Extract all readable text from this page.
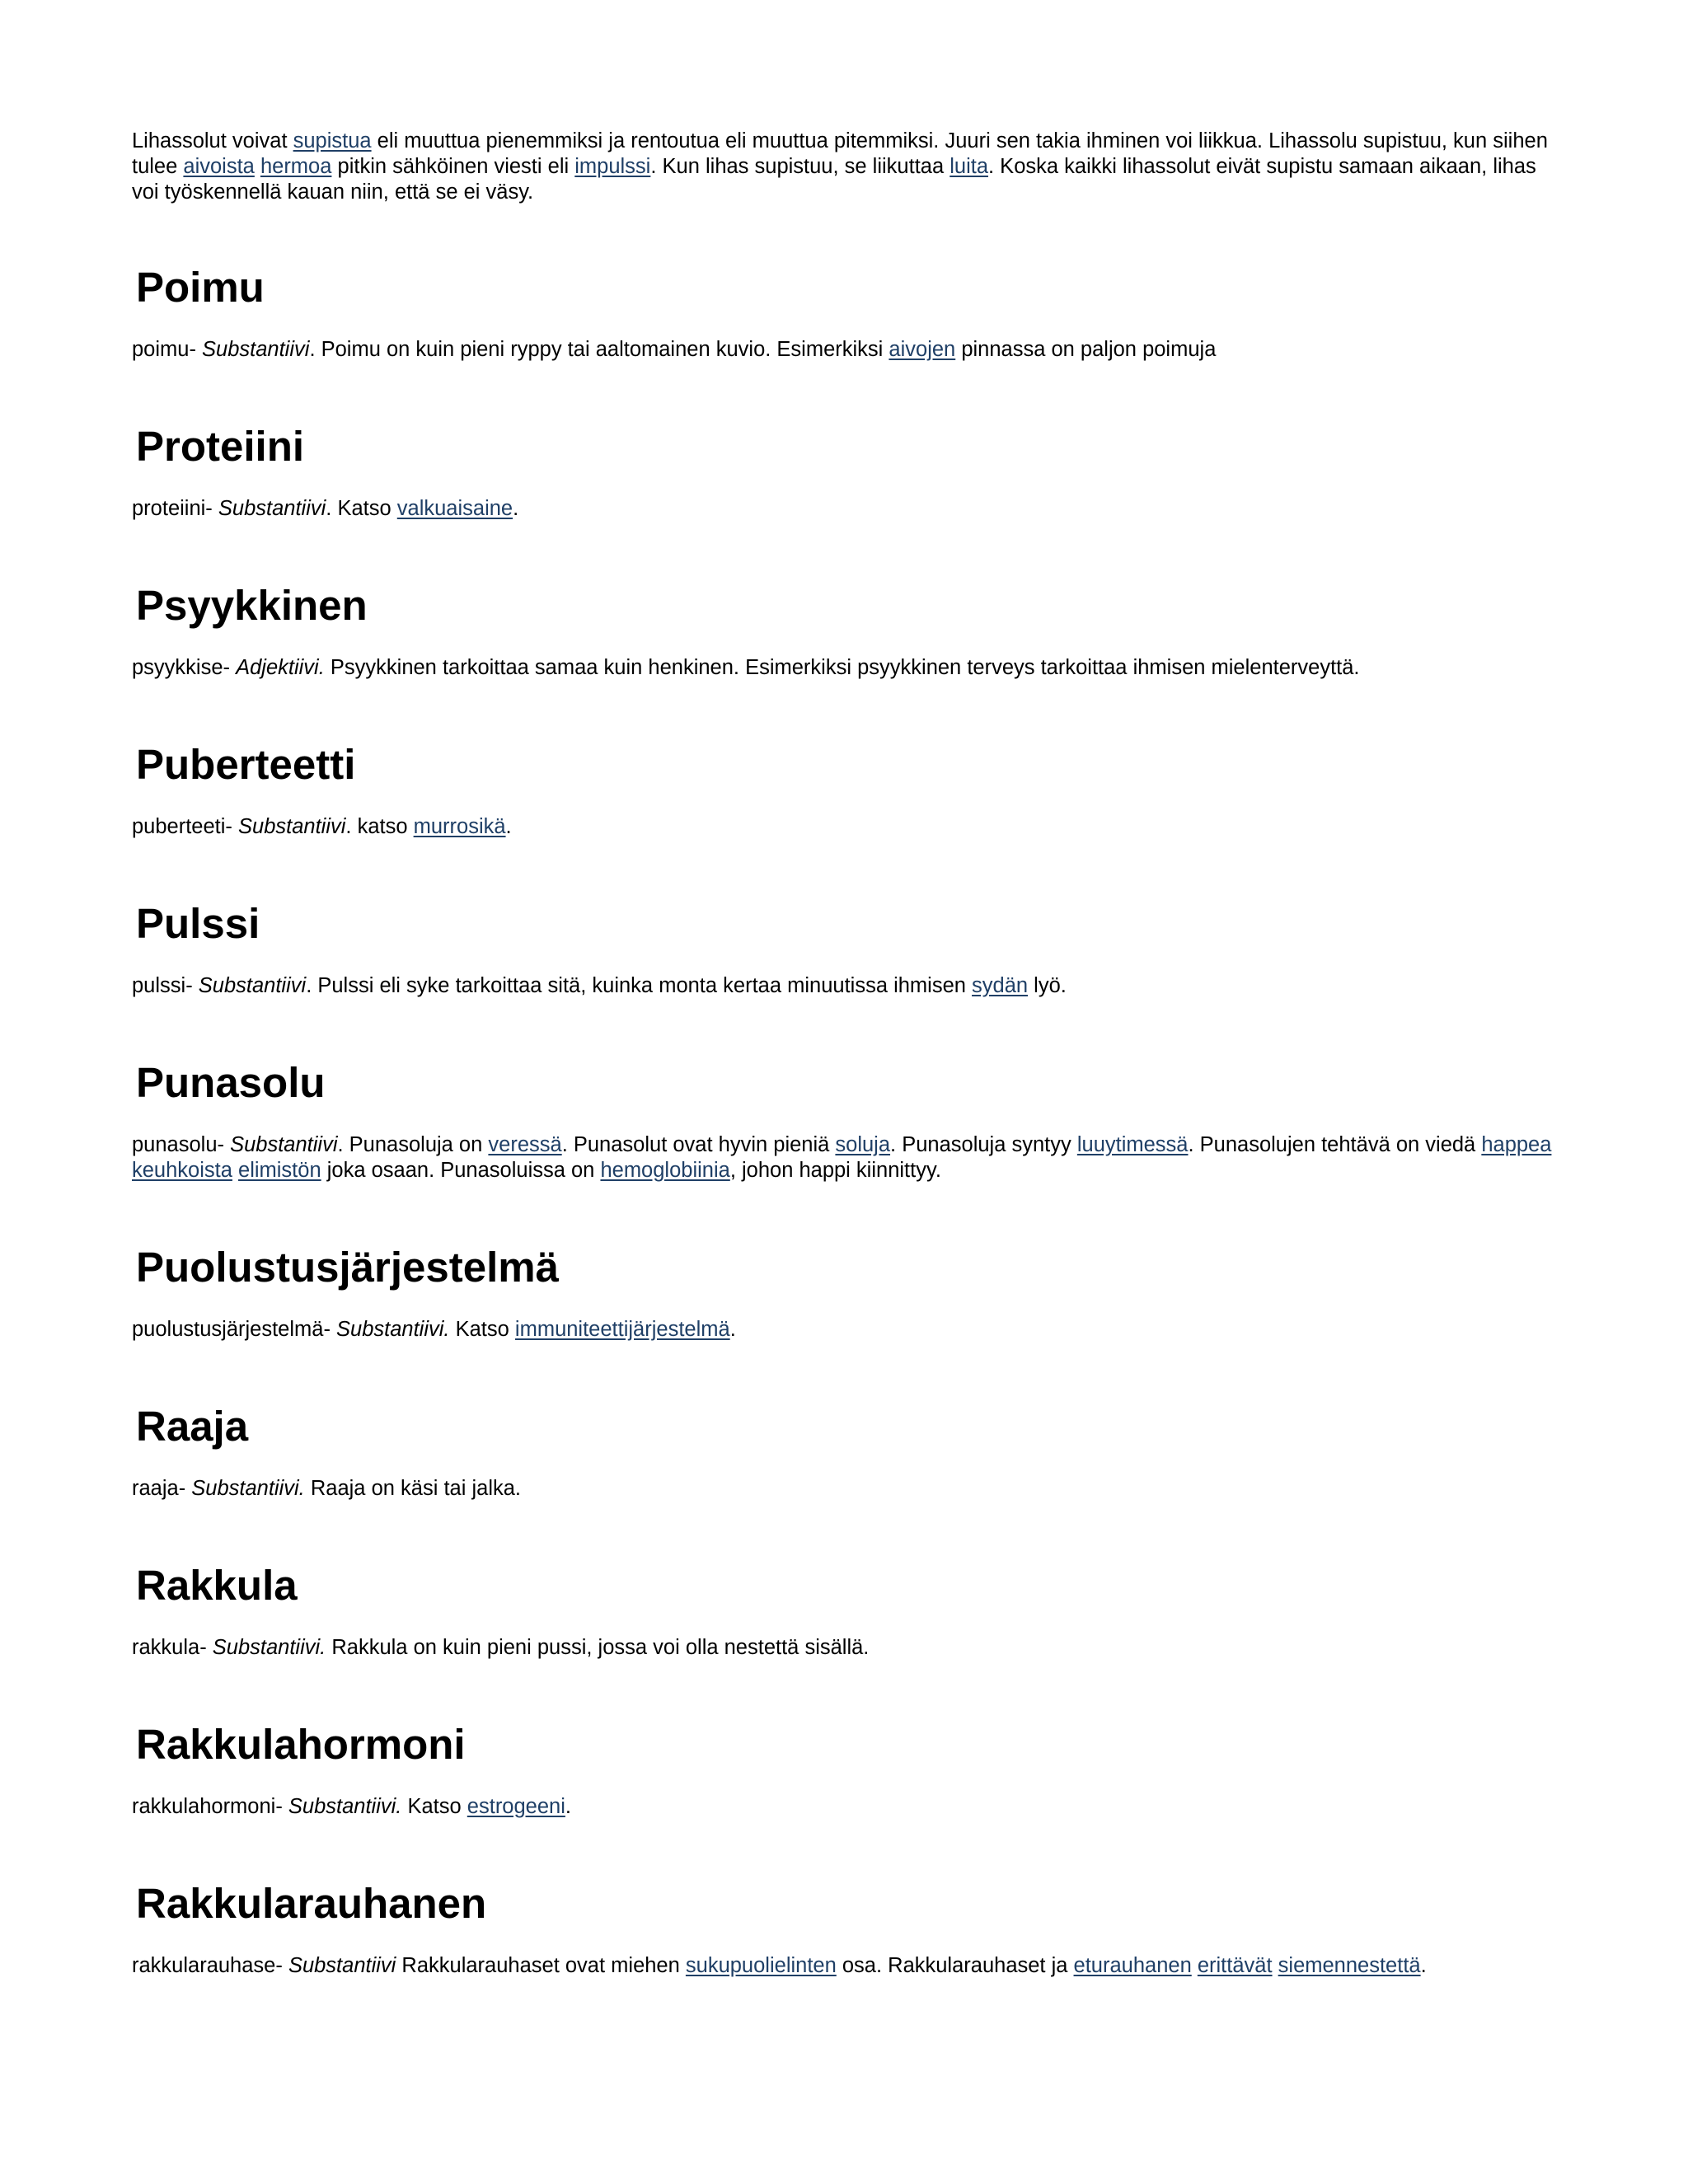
Lihassolut voivat supistua eli muuttua pienemmiksi ja rentoutua eli muuttua pitemmiksi. Juuri sen takia ihminen voi liikkua. Lihassolu supistuu, kun siihen tulee aivoista hermoa pitkin sähköinen viesti eli impulssi. Kun lihas supistuu, se liikuttaa luita. Koska kaikki lihassolut eivät supistu samaan aikaan, lihas voi työskennellä kauan niin, että se ei väsy.

Poimu

poimu- Substantiivi. Poimu on kuin pieni ryppy tai aaltomainen kuvio. Esimerkiksi aivojen pinnassa on paljon poimuja

Proteiini

proteiini- Substantiivi. Katso valkuaisaine.

Psyykkinen

psyykkise- Adjektiivi. Psyykkinen tarkoittaa samaa kuin henkinen. Esimerkiksi psyykkinen terveys tarkoittaa ihmisen mielenterveyttä.

Puberteetti

puberteeti- Substantiivi. katso murrosikä.

Pulssi

pulssi- Substantiivi. Pulssi eli syke tarkoittaa sitä, kuinka monta kertaa minuutissa ihmisen sydän lyö.

Punasolu

punasolu- Substantiivi. Punasoluja on veressä. Punasolut ovat hyvin pieniä soluja. Punasoluja syntyy luuytimessä. Punasolujen tehtävä on viedä happea keuhkoista elimistön joka osaan. Punasoluissa on hemoglobiinia, johon happi kiinnittyy.

Puolustusjärjestelmä

puolustusjärjestelmä- Substantiivi. Katso immuniteettijärjestelmä.

Raaja

raaja- Substantiivi. Raaja on käsi tai jalka.

Rakkula

rakkula- Substantiivi. Rakkula on kuin pieni pussi, jossa voi olla nestettä sisällä.

Rakkulahormoni

rakkulahormoni- Substantiivi. Katso estrogeeni.

Rakkularauhanen

rakkularauhase- Substantiivi Rakkularauhaset ovat miehen sukupuolielinten osa. Rakkularauhaset ja eturauhanen erittävät siemennestettä.
